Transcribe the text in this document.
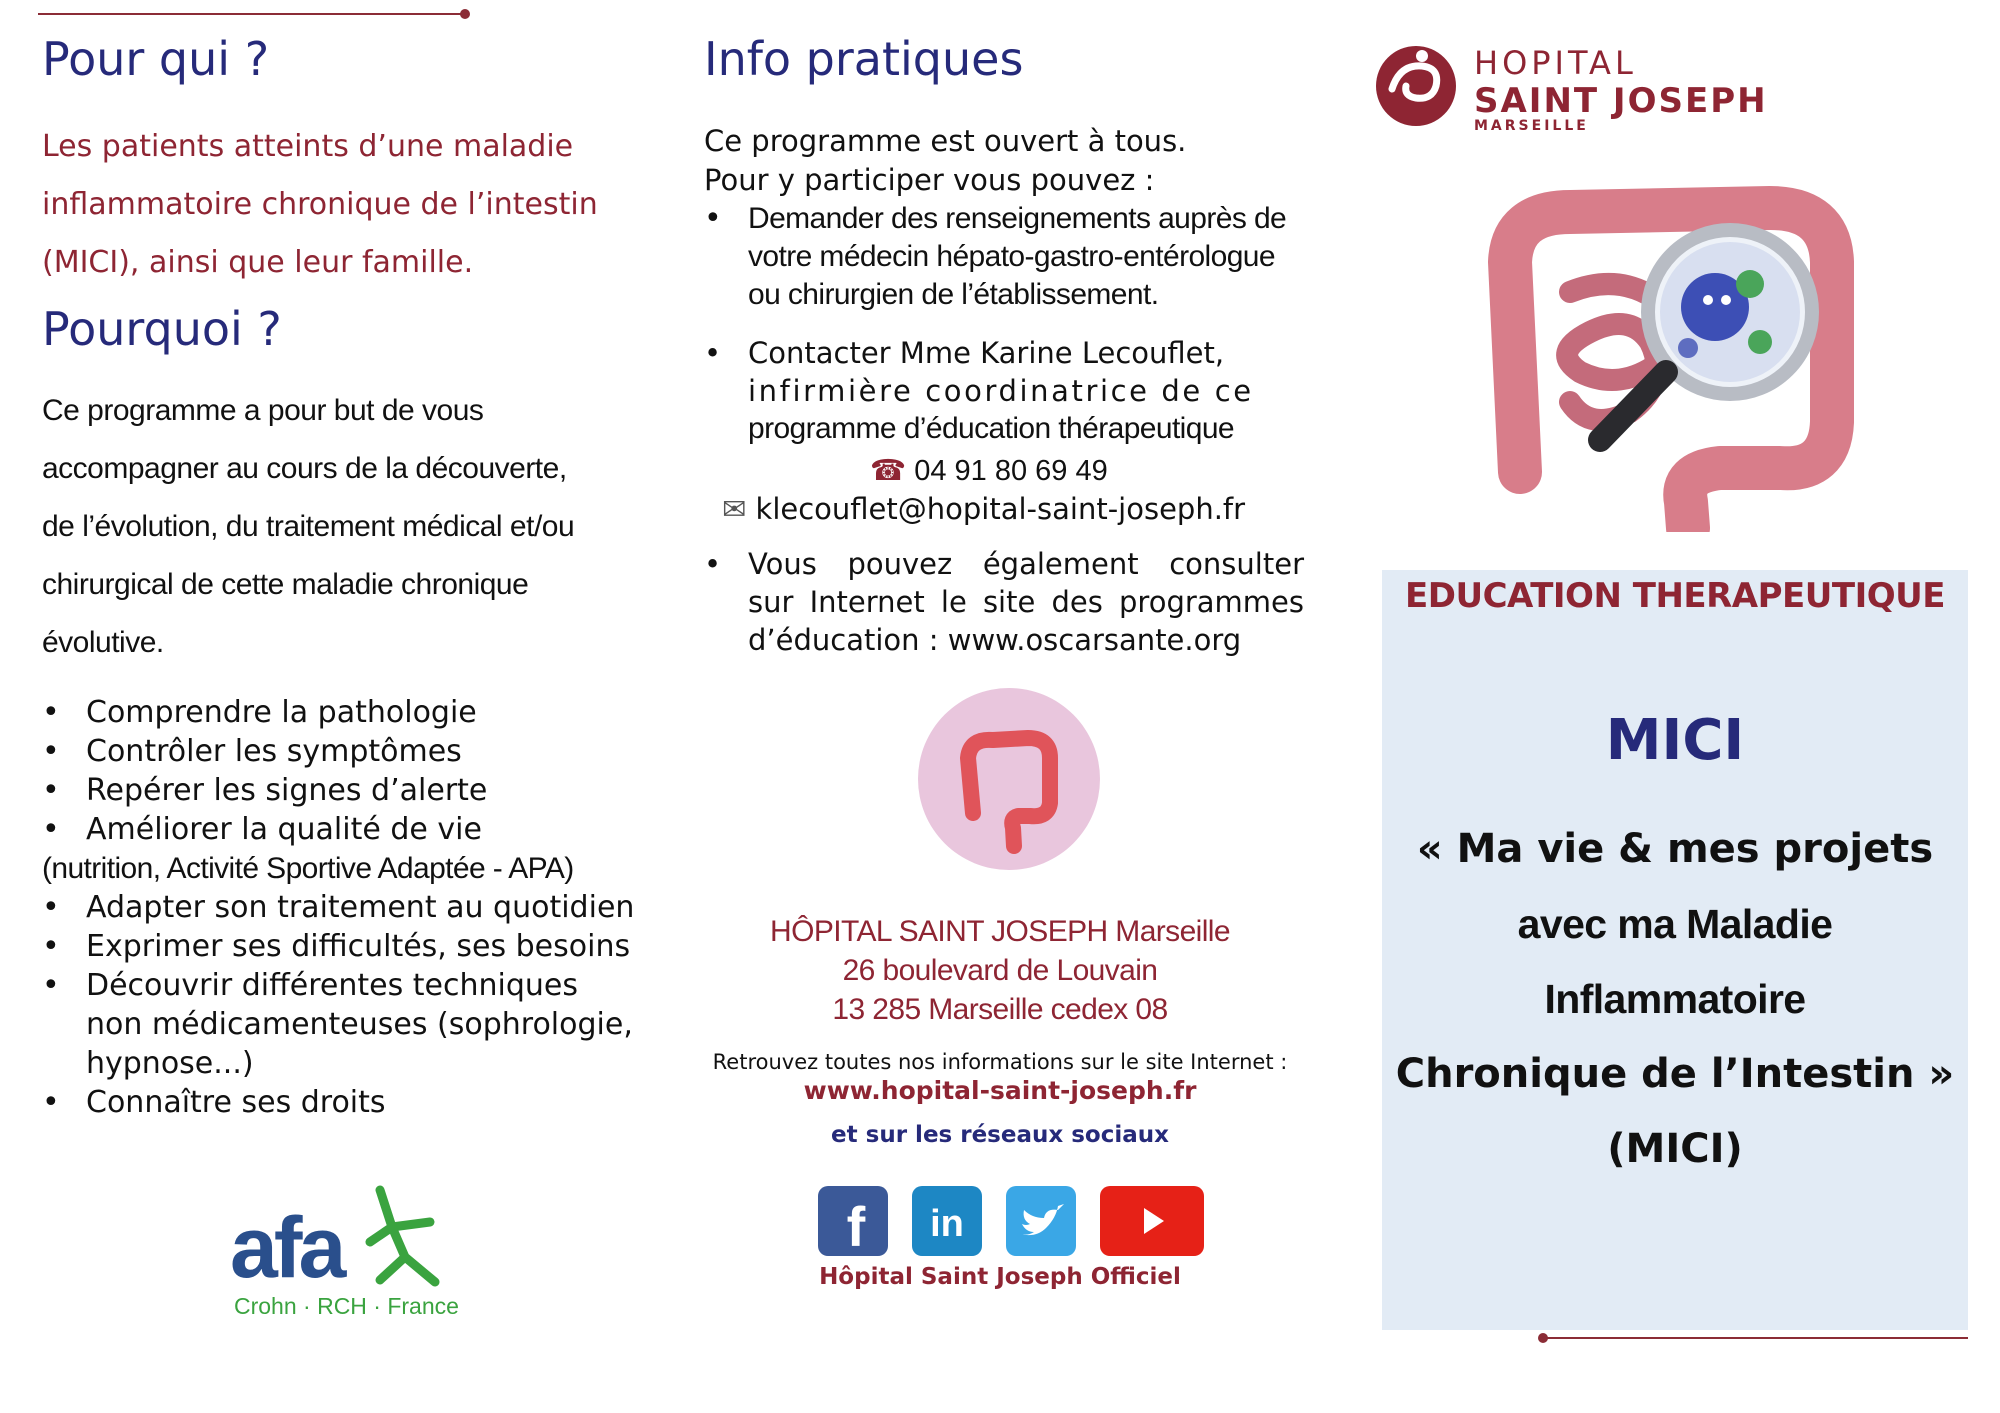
Pour qui ?
Les patients atteints d’une maladie
inflammatoire chronique de l’intestin
(MICI), ainsi que leur famille.
Pourquoi ?
Ce programme a pour but de vous
accompagner au cours de la découverte,
de l’évolution, du traitement médical et/ou
chirurgical de cette maladie chronique
évolutive.
• Comprendre la pathologie
• Contrôler les symptômes
• Repérer les signes d’alerte
• Améliorer la qualité de vie
(nutrition, Activité Sportive Adaptée - APA)
• Adapter son traitement au quotidien
• Exprimer ses difficultés, ses besoins
• Découvrir différentes techniques
non médicamenteuses (sophrologie,
hypnose...)
• Connaître ses droits
afa
Crohn · RCH · France
Info pratiques
Ce programme est ouvert à tous.
Pour y participer vous pouvez :
• Demander des renseignements auprès de
votre médecin hépato-gastro-entérologue
ou chirurgien de l’établissement.
• Contacter Mme Karine Lecouflet,
infirmière coordinatrice de ce
programme d’éducation thérapeutique
☎ 04 91 80 69 49
✉ klecouflet@hopital-saint-joseph.fr
• Vous pouvez également consulter
sur Internet le site des programmes
d’éducation : www.oscarsante.org
HÔPITAL SAINT JOSEPH Marseille
26 boulevard de Louvain
13 285 Marseille cedex 08
Retrouvez toutes nos informations sur le site Internet :
www.hopital-saint-joseph.fr
et sur les réseaux sociaux
f in
Hôpital Saint Joseph Officiel
HOPITAL
SAINT JOSEPH
MARSEILLE
EDUCATION THERAPEUTIQUE
MICI
« Ma vie & mes projets
avec ma Maladie Inflammatoire
Chronique de l’Intestin »
(MICI)
